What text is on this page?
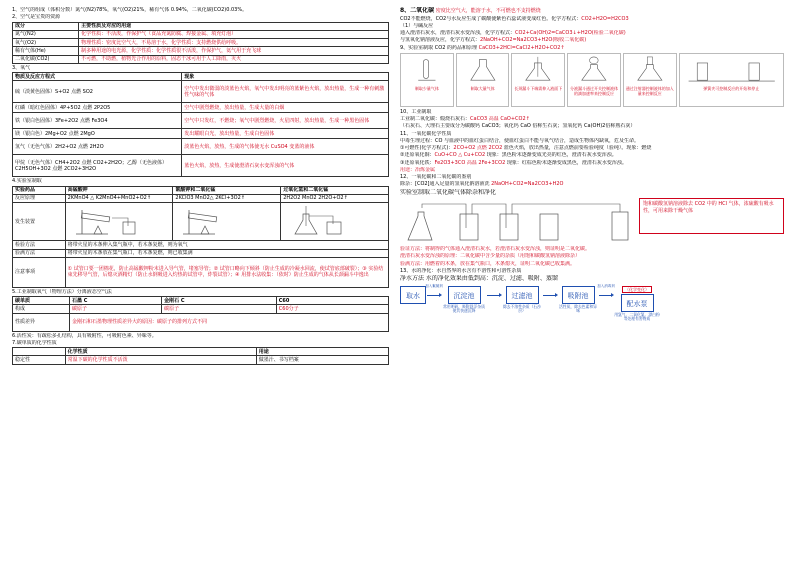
1、空气的组成（体积分数）氮气(N2)78%，氧气(O2)21%，稀有气体 0.94%，二氧化碳(CO2)0.03%。
2、空气是宝贵的资源
成分	主要性质及对应的用途
氮气(N2)	化学性质：不活泼，作保护气（食品充氮防腐、焊接金属、填充灯泡）
氧气(O2)	物理性质：密度比空气大，不易溶于水，化学性质：支持燃烧供给呼吸。
稀有气体(He)	制多种用途的电光源，化学性质：化学性质很不活泼，作保护气，氦气用于充飞球
二氧化碳(CO2)	不可燃，不助燃，植物光合作用的原料，固态干冰可用于人工降雨，灭火
3、氧气
物质及反应方程式	现象
硫（淡黄色固体）S+O2 点燃 SO2	空气中发出微弱的淡蓝色火焰，氧气中发出明亮的蓝紫色火焰，放出热量，生成一种有刺激性气味的气体
红磷（暗红色固体）4P+5O2 点燃 2P2O5	空气中剧烈燃烧，放出热量，生成大量的白烟
铁（银白色固体）3Fe+2O2 点燃 Fe3O4	空气中只发红，不燃烧；氧气中剧烈燃烧，火星四射，放出热量，生成一种黑色固体
镁（银白色）2Mg+O2 点燃 2MgO	发出耀眼白光，放出热量，生成白色固体
氢气（无色气体）2H2+O2 点燃 2H2O	淡蓝色火焰，放热，生成的气体使无水 CuSO4 变蓝的液体
甲烷（无色气体）CH4+2O2 点燃 CO2+2H2O；乙醇（无色液体）C2H5OH+3O2 点燃 2CO2+3H2O	蓝色火焰，放热，生成使澄清石灰水变浑浊的气体
4.实验室制取
实验药品	高锰酸钾	氯酸钾和二氧化锰	过氧化氢和二氧化锰
反应原理	2KMnO4 △ K2MnO4+MnO2+O2↑	2KClO3 MnO2△ 2KCl+3O2↑	2H2O2 MnO2 2H2O+O2↑
发生装置			
检验方法	将带火星的木条伸入集气瓶中，若木条复燃，则为氧气		
验满方法	将带火星的木条放在集气瓶口，若木条复燃，则已收集满		
注意事项	① 试管口要一团棉花，防止高锰酸钾粉末进入导气管，堵塞导管；② 试管口略向下倾斜（防止生成的冷凝水回流，使试管底部破裂）；③ 实验结束先移导气管，后熄灭酒精灯（防止水倒吸进入灼热的试管中，炸裂试管）；④ 用排水法收集：（依时）防止生成的气体从长颈漏斗中逸出		
5.工业制取氧气（物理方法）分离液态空气法
碳单质	石墨 C	金刚石 C	C60
构成	碳原子	碳原子	C60分子
性质差异	金刚石和石墨物理性质差异大的原因：碳原子的排列方式不同		
6.活性炭：有疏松多孔结构，具有吸附性，可吸附色素、异味等。
7.碳单质的化学性质
	化学性质	用途
稳定性	常温下碳的化学性质不活泼	做墨汁、书写档案
8、二氧化碳 密度比空气大，能溶于水，不可燃也不支持燃烧
CO2不能燃烧，CO2与水反应生成了碳酸使紫色石蕊试液变成红色。化学方程式：CO2+H2O=H2CO3
（1）与碱反应
通入澄清石灰水，澄清石灰水变浑浊，化学方程式：CO2+Ca(OH)2=CaCO3↓+H2O(检验二氧化碳)
与氢氧化钠溶液反应，化学方程式：2NaOH+CO2=Na2CO3+H2O(吸收二氧化碳)
9、实验室制取 CO2 的药品和原理 CaCO3+2HCl=CaCl2+H2O+CO2↑
制取少量气体	制取大量气体	长颈漏斗下端需伸入液面下	分液漏斗通过开关控制液体的滴加速率来控制反应
通过注射器控制液体的加入量来控制反应
弹簧夹可控制反应的开始和停止
10、工业制取
工业制二氧化碳：煅烧石灰石：CaCO3 高温 CaO+CO2↑
（石灰石、大理石主要成分为碳酸钙 CaCO3；氧化钙 CaO 俗称生石灰；氢氧化钙 Ca(OH)2俗称熟石灰）
11、一氧化碳化学性质
中毒生理过程：CO 与血液中的血红蛋白结合，使血红蛋白不能与氧气结合，造成生物体内缺氧，危及生命。
①可燃性(化学方程式)：2CO+O2 点燃 2CO2 蓝色火焰，放出热量，注意点燃前要检验纯度（验纯）。现象：燃烧
②还原氧化铜：CuO+CO △ Cu+CO2 现象：黑色粉末逐渐变成光亮的红色，澄清石灰水变浑浊。
③还原氧化铁：Fe2O3+3CO 高温 2Fe+3CO2 现象：红棕色粉末逐渐变成黑色，澄清石灰水变浑浊。
用途：冶炼金属
12、一氧化碳和二氧化碳的鉴别
除杂：[CO2]通入足量的氢氧化钠溶液洗 2NaOH+CO2=Na2CO3+H2O
实验室制取二氧化碳气体除杂和净化
饱和碳酸氢钠溶液除去 CO2 中的 HCl 气体，浓硫酸有吸水性，可用来除干燥气体
验证方法：将制得的气体通入澄清石灰水，若澄清石灰水变浑浊，则证明是二氧化碳。
澄清石灰水变浑浊的原理：二氧化碳中含少量的杂质（用饱和碳酸氢钠溶液除杂）
验满方法：用燃着的木条，放在集气瓶口，木条熄灭，证明二氧化碳已收集满。
13、水的净化：水自然界的水含有不溶性和可溶性杂质
净水方法 水的净化效果由低到高：沉淀、过滤、吸附、蒸馏
取水
加入絮凝剂
沉淀池
常用明矾，吸附悬浮杂质使其快速沉降
过滤池
除去不溶性杂质（石沙层）
吸附池
活性炭，除去色素和异味
加入消毒剂
（化学变化）
配水泵
用氯气、二氧化氯、漂白粉等处理有害物质
